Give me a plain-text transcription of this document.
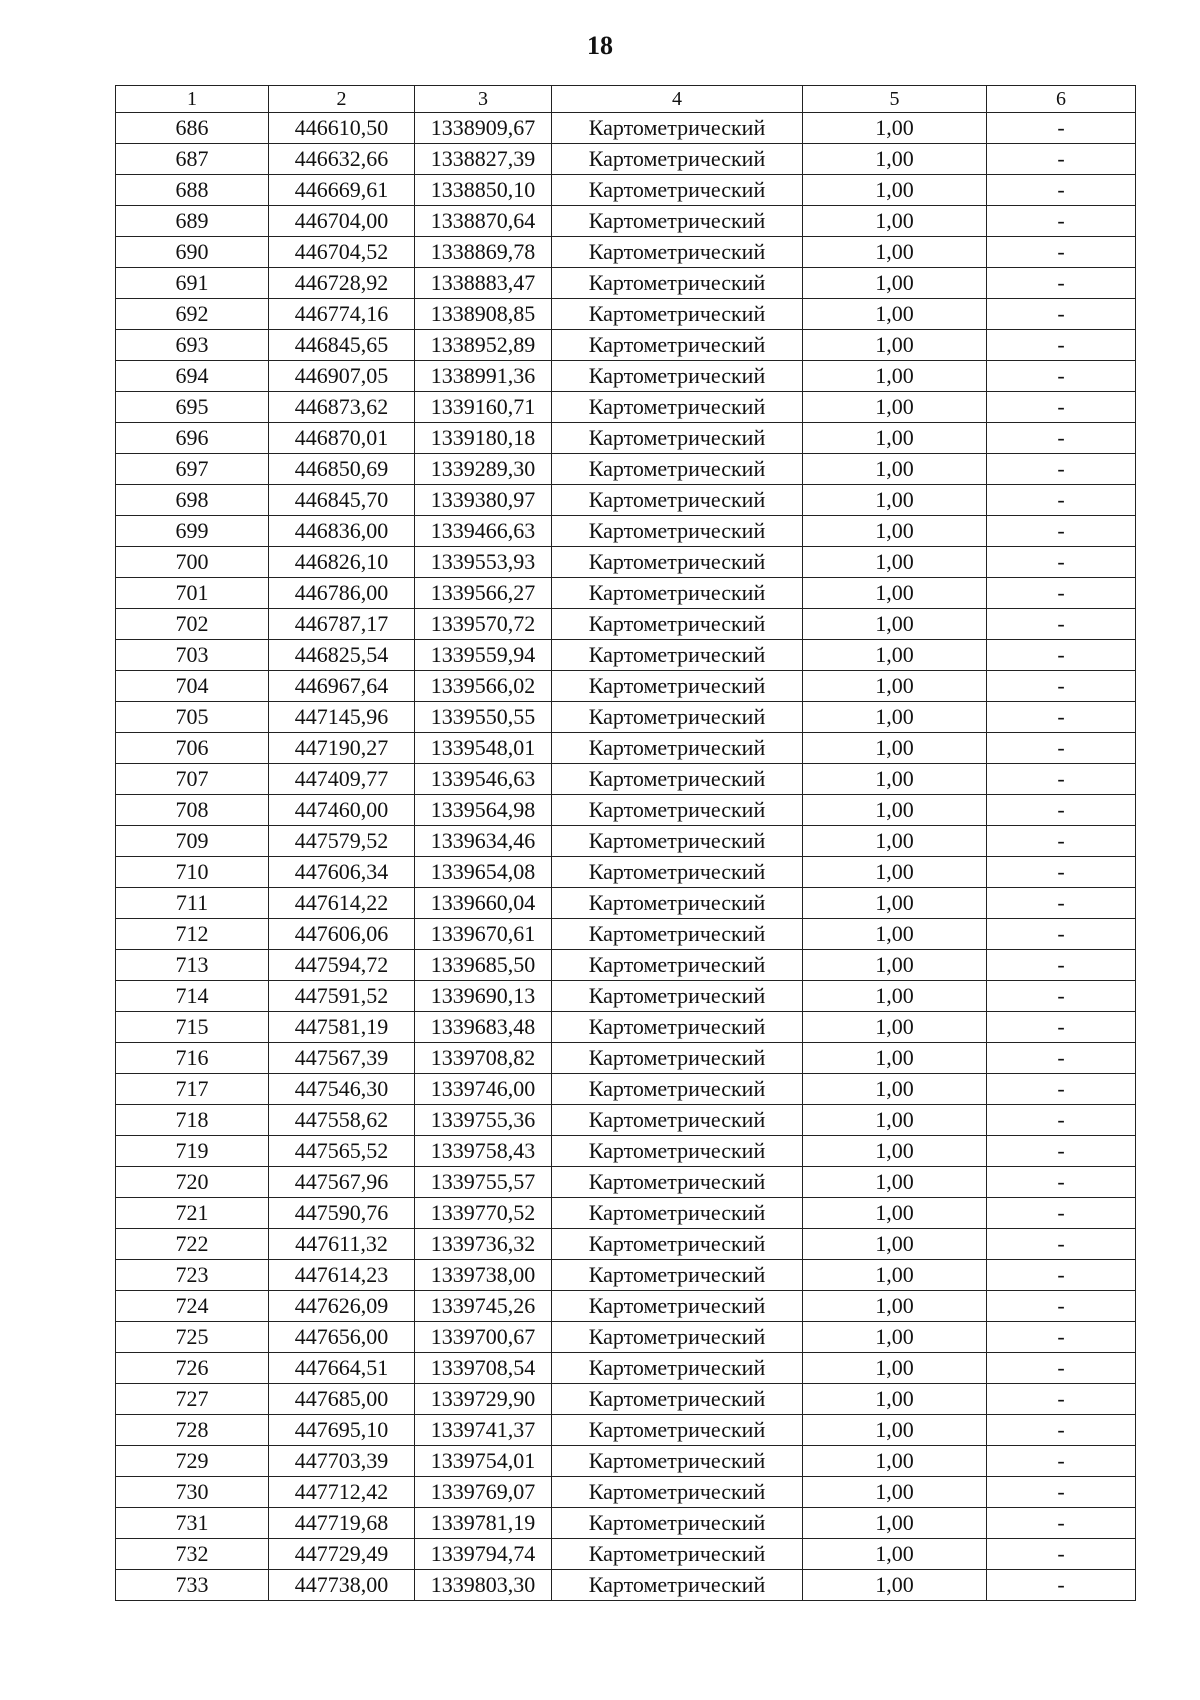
18
1	2	3	4	5	6
686	446610,50	1338909,67	Картометрический	1,00	-
687	446632,66	1338827,39	Картометрический	1,00	-
688	446669,61	1338850,10	Картометрический	1,00	-
689	446704,00	1338870,64	Картометрический	1,00	-
690	446704,52	1338869,78	Картометрический	1,00	-
691	446728,92	1338883,47	Картометрический	1,00	-
692	446774,16	1338908,85	Картометрический	1,00	-
693	446845,65	1338952,89	Картометрический	1,00	-
694	446907,05	1338991,36	Картометрический	1,00	-
695	446873,62	1339160,71	Картометрический	1,00	-
696	446870,01	1339180,18	Картометрический	1,00	-
697	446850,69	1339289,30	Картометрический	1,00	-
698	446845,70	1339380,97	Картометрический	1,00	-
699	446836,00	1339466,63	Картометрический	1,00	-
700	446826,10	1339553,93	Картометрический	1,00	-
701	446786,00	1339566,27	Картометрический	1,00	-
702	446787,17	1339570,72	Картометрический	1,00	-
703	446825,54	1339559,94	Картометрический	1,00	-
704	446967,64	1339566,02	Картометрический	1,00	-
705	447145,96	1339550,55	Картометрический	1,00	-
706	447190,27	1339548,01	Картометрический	1,00	-
707	447409,77	1339546,63	Картометрический	1,00	-
708	447460,00	1339564,98	Картометрический	1,00	-
709	447579,52	1339634,46	Картометрический	1,00	-
710	447606,34	1339654,08	Картометрический	1,00	-
711	447614,22	1339660,04	Картометрический	1,00	-
712	447606,06	1339670,61	Картометрический	1,00	-
713	447594,72	1339685,50	Картометрический	1,00	-
714	447591,52	1339690,13	Картометрический	1,00	-
715	447581,19	1339683,48	Картометрический	1,00	-
716	447567,39	1339708,82	Картометрический	1,00	-
717	447546,30	1339746,00	Картометрический	1,00	-
718	447558,62	1339755,36	Картометрический	1,00	-
719	447565,52	1339758,43	Картометрический	1,00	-
720	447567,96	1339755,57	Картометрический	1,00	-
721	447590,76	1339770,52	Картометрический	1,00	-
722	447611,32	1339736,32	Картометрический	1,00	-
723	447614,23	1339738,00	Картометрический	1,00	-
724	447626,09	1339745,26	Картометрический	1,00	-
725	447656,00	1339700,67	Картометрический	1,00	-
726	447664,51	1339708,54	Картометрический	1,00	-
727	447685,00	1339729,90	Картометрический	1,00	-
728	447695,10	1339741,37	Картометрический	1,00	-
729	447703,39	1339754,01	Картометрический	1,00	-
730	447712,42	1339769,07	Картометрический	1,00	-
731	447719,68	1339781,19	Картометрический	1,00	-
732	447729,49	1339794,74	Картометрический	1,00	-
733	447738,00	1339803,30	Картометрический	1,00	-
